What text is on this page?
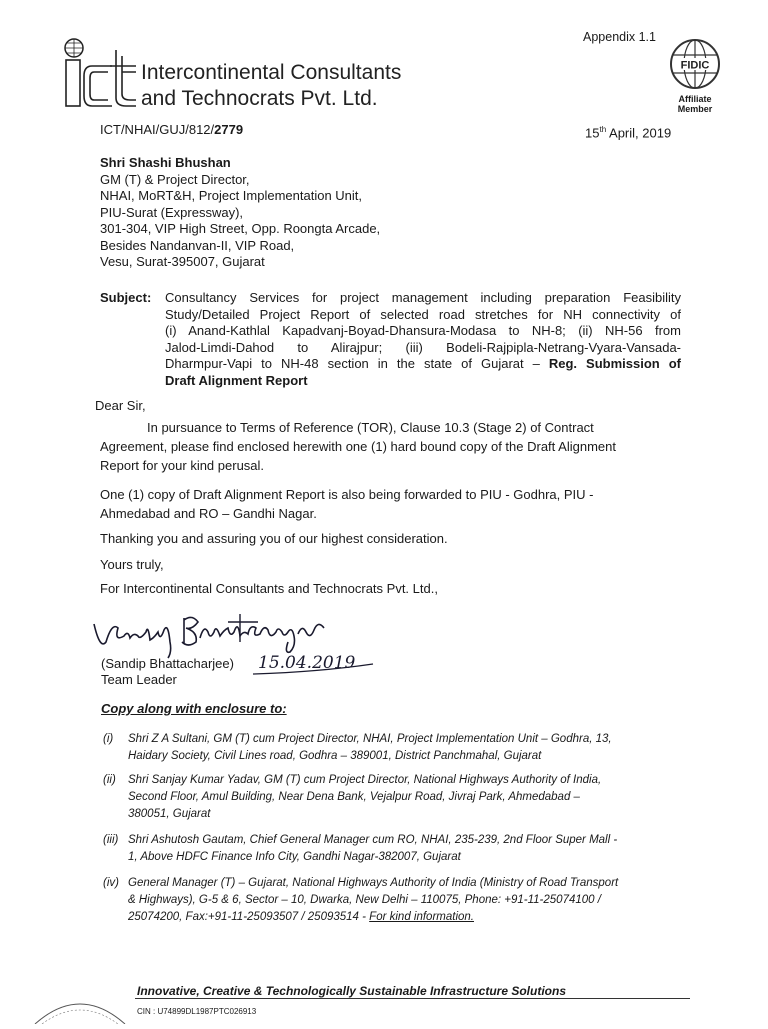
Appendix 1.1
Intercontinental Consultants
and Technocrats Pvt. Ltd.
FIDIC
Affiliate
Member
ICT/NHAI/GUJ/812/2779	15th April, 2019
Shri Shashi Bhushan
GM (T) & Project Director,
NHAI, MoRT&H, Project Implementation Unit,
PIU-Surat (Expressway),
301-304, VIP High Street, Opp. Roongta Arcade,
Besides Nandanvan-II, VIP Road,
Vesu, Surat-395007, Gujarat
Subject: Consultancy Services for project management including preparation Feasibility
Study/Detailed Project Report of selected road stretches for NH connectivity of
(i) Anand-Kathlal Kapadvanj-Boyad-Dhansura-Modasa to NH-8; (ii) NH-56 from
Jalod-Limdi-Dahod to Alirajpur; (iii) Bodeli-Rajpipla-Netrang-Vyara-Vansada-
Dharmpur-Vapi to NH-48 section in the state of Gujarat – Reg. Submission of
Draft Alignment Report
Dear Sir,
In pursuance to Terms of Reference (TOR), Clause 10.3 (Stage 2) of Contract
Agreement, please find enclosed herewith one (1) hard bound copy of the Draft Alignment
Report for your kind perusal.
One (1) copy of Draft Alignment Report is also being forwarded to PIU - Godhra, PIU -
Ahmedabad and RO – Gandhi Nagar.
Thanking you and assuring you of our highest consideration.
Yours truly,
For Intercontinental Consultants and Technocrats Pvt. Ltd.,
15.04.2019
(Sandip Bhattacharjee)
Team Leader
Copy along with enclosure to:
(i) Shri Z A Sultani, GM (T) cum Project Director, NHAI, Project Implementation Unit – Godhra, 13,
Haidary Society, Civil Lines road, Godhra – 389001, District Panchmahal, Gujarat
(ii) Shri Sanjay Kumar Yadav, GM (T) cum Project Director, National Highways Authority of India,
Second Floor, Amul Building, Near Dena Bank, Vejalpur Road, Jivraj Park, Ahmedabad –
380051, Gujarat
(iii) Shri Ashutosh Gautam, Chief General Manager cum RO, NHAI, 235-239, 2nd Floor Super Mall -
1, Above HDFC Finance Info City, Gandhi Nagar-382007, Gujarat
(iv) General Manager (T) – Gujarat, National Highways Authority of India (Ministry of Road Transport
& Highways), G-5 & 6, Sector – 10, Dwarka, New Delhi – 110075, Phone: +91-11-25074100 /
25074200, Fax:+91-11-25093507 / 25093514 - For kind information.
Innovative, Creative & Technologically Sustainable Infrastructure Solutions
CIN : U74899DL1987PTC026913
